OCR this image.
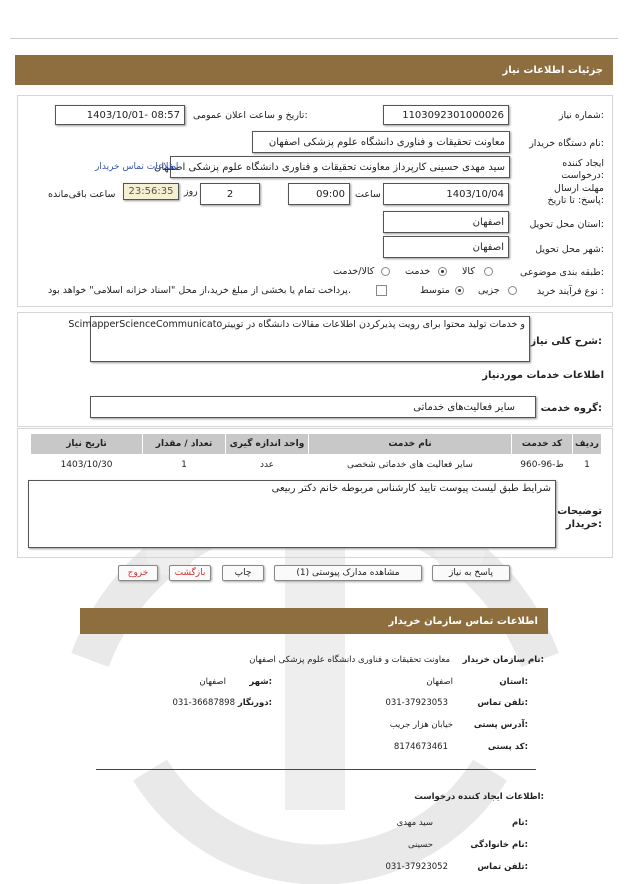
جزئیات اطلاعات نیاز
شماره نیاز:
1103092301000026
تاریخ و ساعت اعلان عمومی:
1403/10/01- 08:57
نام دستگاه خریدار:
معاونت تحقیقات و فناوری دانشگاه علوم پزشکی اصفهان
ایجاد کننده درخواست:
سید مهدی حسینی کارپرداز معاونت تحقیقات و فناوری دانشگاه علوم پزشکی اصفهان
اطلاعات تماس خریدار
مهلت ارسال پاسخ: تا تاریخ:
1403/10/04
ساعت
09:00
2
روز
23:56:35
ساعت باقی‌مانده
استان محل تحویل:
اصفهان
شهر محل تحویل:
اصفهان
طبقه بندی موضوعی:
کالا
خدمت
کالا/خدمت
نوع فرآیند خرید :
جزیی
متوسط
پرداخت تمام یا بخشی از مبلغ خرید،از محل "اسناد خزانه اسلامی" خواهد بود.
شرح کلی نیاز:
ScimapperScienceCommunicatoو خدمات تولید محتوا برای رویت پذیرکردن اطلاعات مقالات دانشگاه در توییتر
اطلاعات خدمات موردنیاز
گروه خدمت:
سایر فعالیت‌های خدماتی
ردیف	کد خدمت	نام خدمت	واحد اندازه گیری	تعداد / مقدار	تاریخ نیاز
1	ط-96-960	سایر فعالیت های خدماتی شخصی	عدد	1	1403/10/30
شرایط طبق لیست پیوست تایید کارشناس مربوطه خانم دکتر ربیعی
توضیحات خریدار:
پاسخ به نیاز
مشاهده مدارک پیوستی (1)
چاپ
بازگشت
خروج
اطلاعات تماس سازمان خریدار
نام سازمان خریدار:
معاونت تحقیقات و فناوری دانشگاه علوم پزشکی اصفهان
استان:
اصفهان
شهر:
اصفهان
تلفن تماس:
031-37923053
دورنگار:
031-36687898
آدرس پستی:
خیابان هزار جریب
کد پستی:
8174673461
اطلاعات ایجاد کننده درخواست:
نام:
سید مهدی
نام خانوادگی:
حسینی
تلفن تماس:
031-37923052
